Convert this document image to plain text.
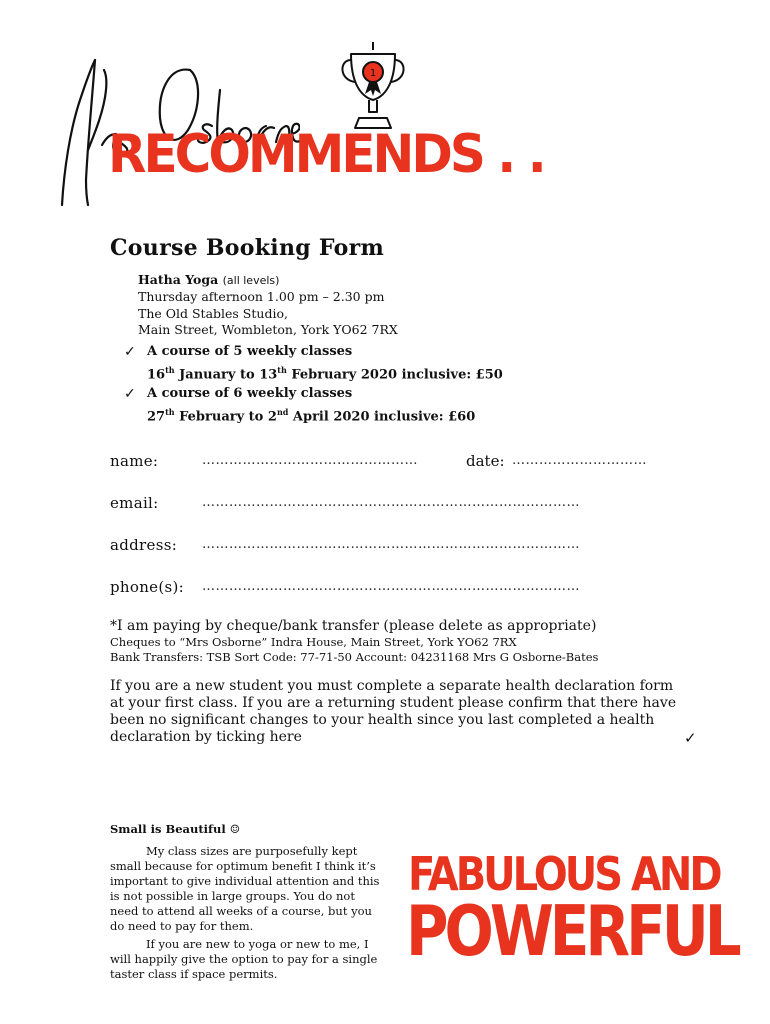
RECOMMENDS . .
1
Course Booking Form
Hatha Yoga (all levels)
Thursday afternoon 1.00 pm – 2.30 pm
The Old Stables Studio,
Main Street, Wombleton, York YO62 7RX
✓ A course of 5 weekly classes
16th January to 13th February 2020 inclusive: £50
✓ A course of 6 weekly classes
27th February to 2nd April 2020 inclusive: £60
name:	…………………………………………	date: …………………………
email:	…………………………………………………………………………
address: …………………………………………………………………………
phone(s): …………………………………………………………………………
*I am paying by cheque/bank transfer (please delete as appropriate)
Cheques to “Mrs Osborne” Indra House, Main Street, York YO62 7RX
Bank Transfers: TSB Sort Code: 77-71-50 Account: 04231168 Mrs G Osborne-Bates
If you are a new student you must complete a separate health declaration form at your first class. If you are a returning student please confirm that there have been no significant changes to your health since you last completed a health declaration by ticking here	✓
Small is Beautiful ☺
My class sizes are purposefully kept small because for optimum benefit I think it’s important to give individual attention and this is not possible in large groups. You do not need to attend all weeks of a course, but you do need to pay for them.
If you are new to yoga or new to me, I will happily give the option to pay for a single taster class if space permits.
FABULOUS AND
POWERFUL
